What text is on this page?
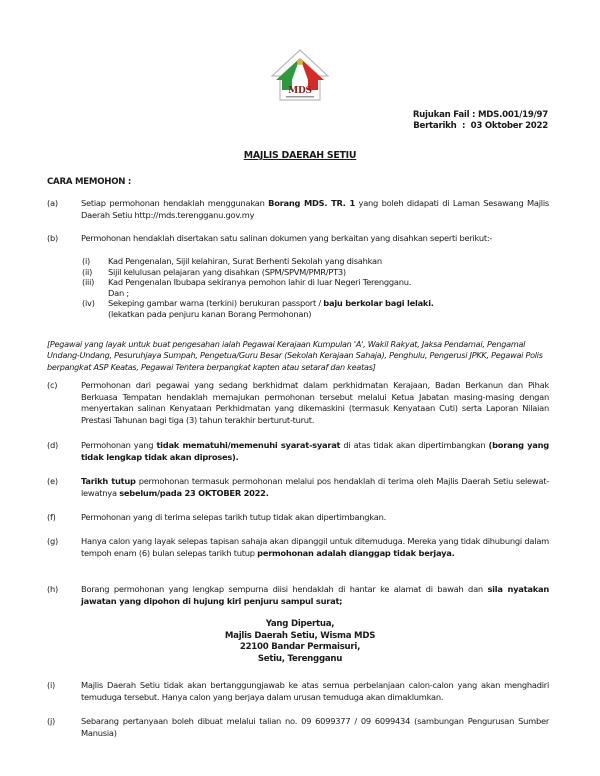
MDS
Rujukan Fail : MDS.001/19/97
Bertarikh  :  03 Oktober 2022
MAJLIS DAERAH SETIU
CARA MEMOHON :
(a)	Setiap permohonan hendaklah menggunakan Borang MDS. TR. 1 yang boleh didapati di Laman Sesawang Majlis Daerah Setiu http://mds.terengganu.gov.my
(b)	Permohonan hendaklah disertakan satu salinan dokumen yang berkaitan yang disahkan seperti berikut:-
(i)	Kad Pengenalan, Sijil kelahiran, Surat Berhenti Sekolah yang disahkan
(ii)	Sijil kelulusan pelajaran yang disahkan (SPM/SPVM/PMR/PT3)
(iii)	Kad Pengenalan Ibubapa sekiranya pemohon lahir di luar Negeri Terengganu.
Dan ;
(iv)	Sekeping gambar warna (terkini) berukuran passport / baju berkolar bagi lelaki.
(lekatkan pada penjuru kanan Borang Permohonan)
[Pegawai yang layak untuk buat pengesahan ialah Pegawai Kerajaan Kumpulan 'A', Wakil Rakyat, Jaksa Pendamai, Pengamal Undang-Undang, Pesuruhjaya Sumpah, Pengetua/Guru Besar (Sekolah Kerajaan Sahaja), Penghulu, Pengerusi JPKK, Pegawai Polis berpangkat ASP Keatas, Pegawai Tentera berpangkat kapten atau setaraf dan keatas]
(c)	Permohonan dari pegawai yang sedang berkhidmat dalam perkhidmatan Kerajaan, Badan Berkanun dan Pihak Berkuasa Tempatan hendaklah memajukan permohonan tersebut melalui Ketua Jabatan masing-masing dengan menyertakan salinan Kenyataan Perkhidmatan yang dikemaskini (termasuk Kenyataan Cuti) serta Laporan Nilaian Prestasi Tahunan bagi tiga (3) tahun terakhir berturut-turut.
(d)	Permohonan yang tidak mematuhi/memenuhi syarat-syarat di atas tidak akan dipertimbangkan (borang yang tidak lengkap tidak akan diproses).
(e)	Tarikh tutup permohonan termasuk permohonan melalui pos hendaklah di terima oleh Majlis Daerah Setiu selewat-lewatnya sebelum/pada 23 OKTOBER 2022.
(f)	Permohonan yang di terima selepas tarikh tutup tidak akan dipertimbangkan.
(g)	Hanya calon yang layak selepas tapisan sahaja akan dipanggil untuk ditemuduga. Mereka yang tidak dihubungi dalam tempoh enam (6) bulan selepas tarikh tutup permohonan adalah dianggap tidak berjaya.
(h)	Borang permohonan yang lengkap sempurna diisi hendaklah di hantar ke alamat di bawah dan sila nyatakan jawatan yang dipohon di hujung kiri penjuru sampul surat;
Yang Dipertua,
Majlis Daerah Setiu, Wisma MDS
22100 Bandar Permaisuri,
Setiu, Terengganu
(i)	Majlis Daerah Setiu tidak akan bertanggungjawab ke atas semua perbelanjaan calon-calon yang akan menghadiri temuduga tersebut. Hanya calon yang berjaya dalam urusan temuduga akan dimaklumkan.
(j)	Sebarang pertanyaan boleh dibuat melalui talian no. 09 6099377 / 09 6099434 (sambungan Pengurusan Sumber Manusia)
